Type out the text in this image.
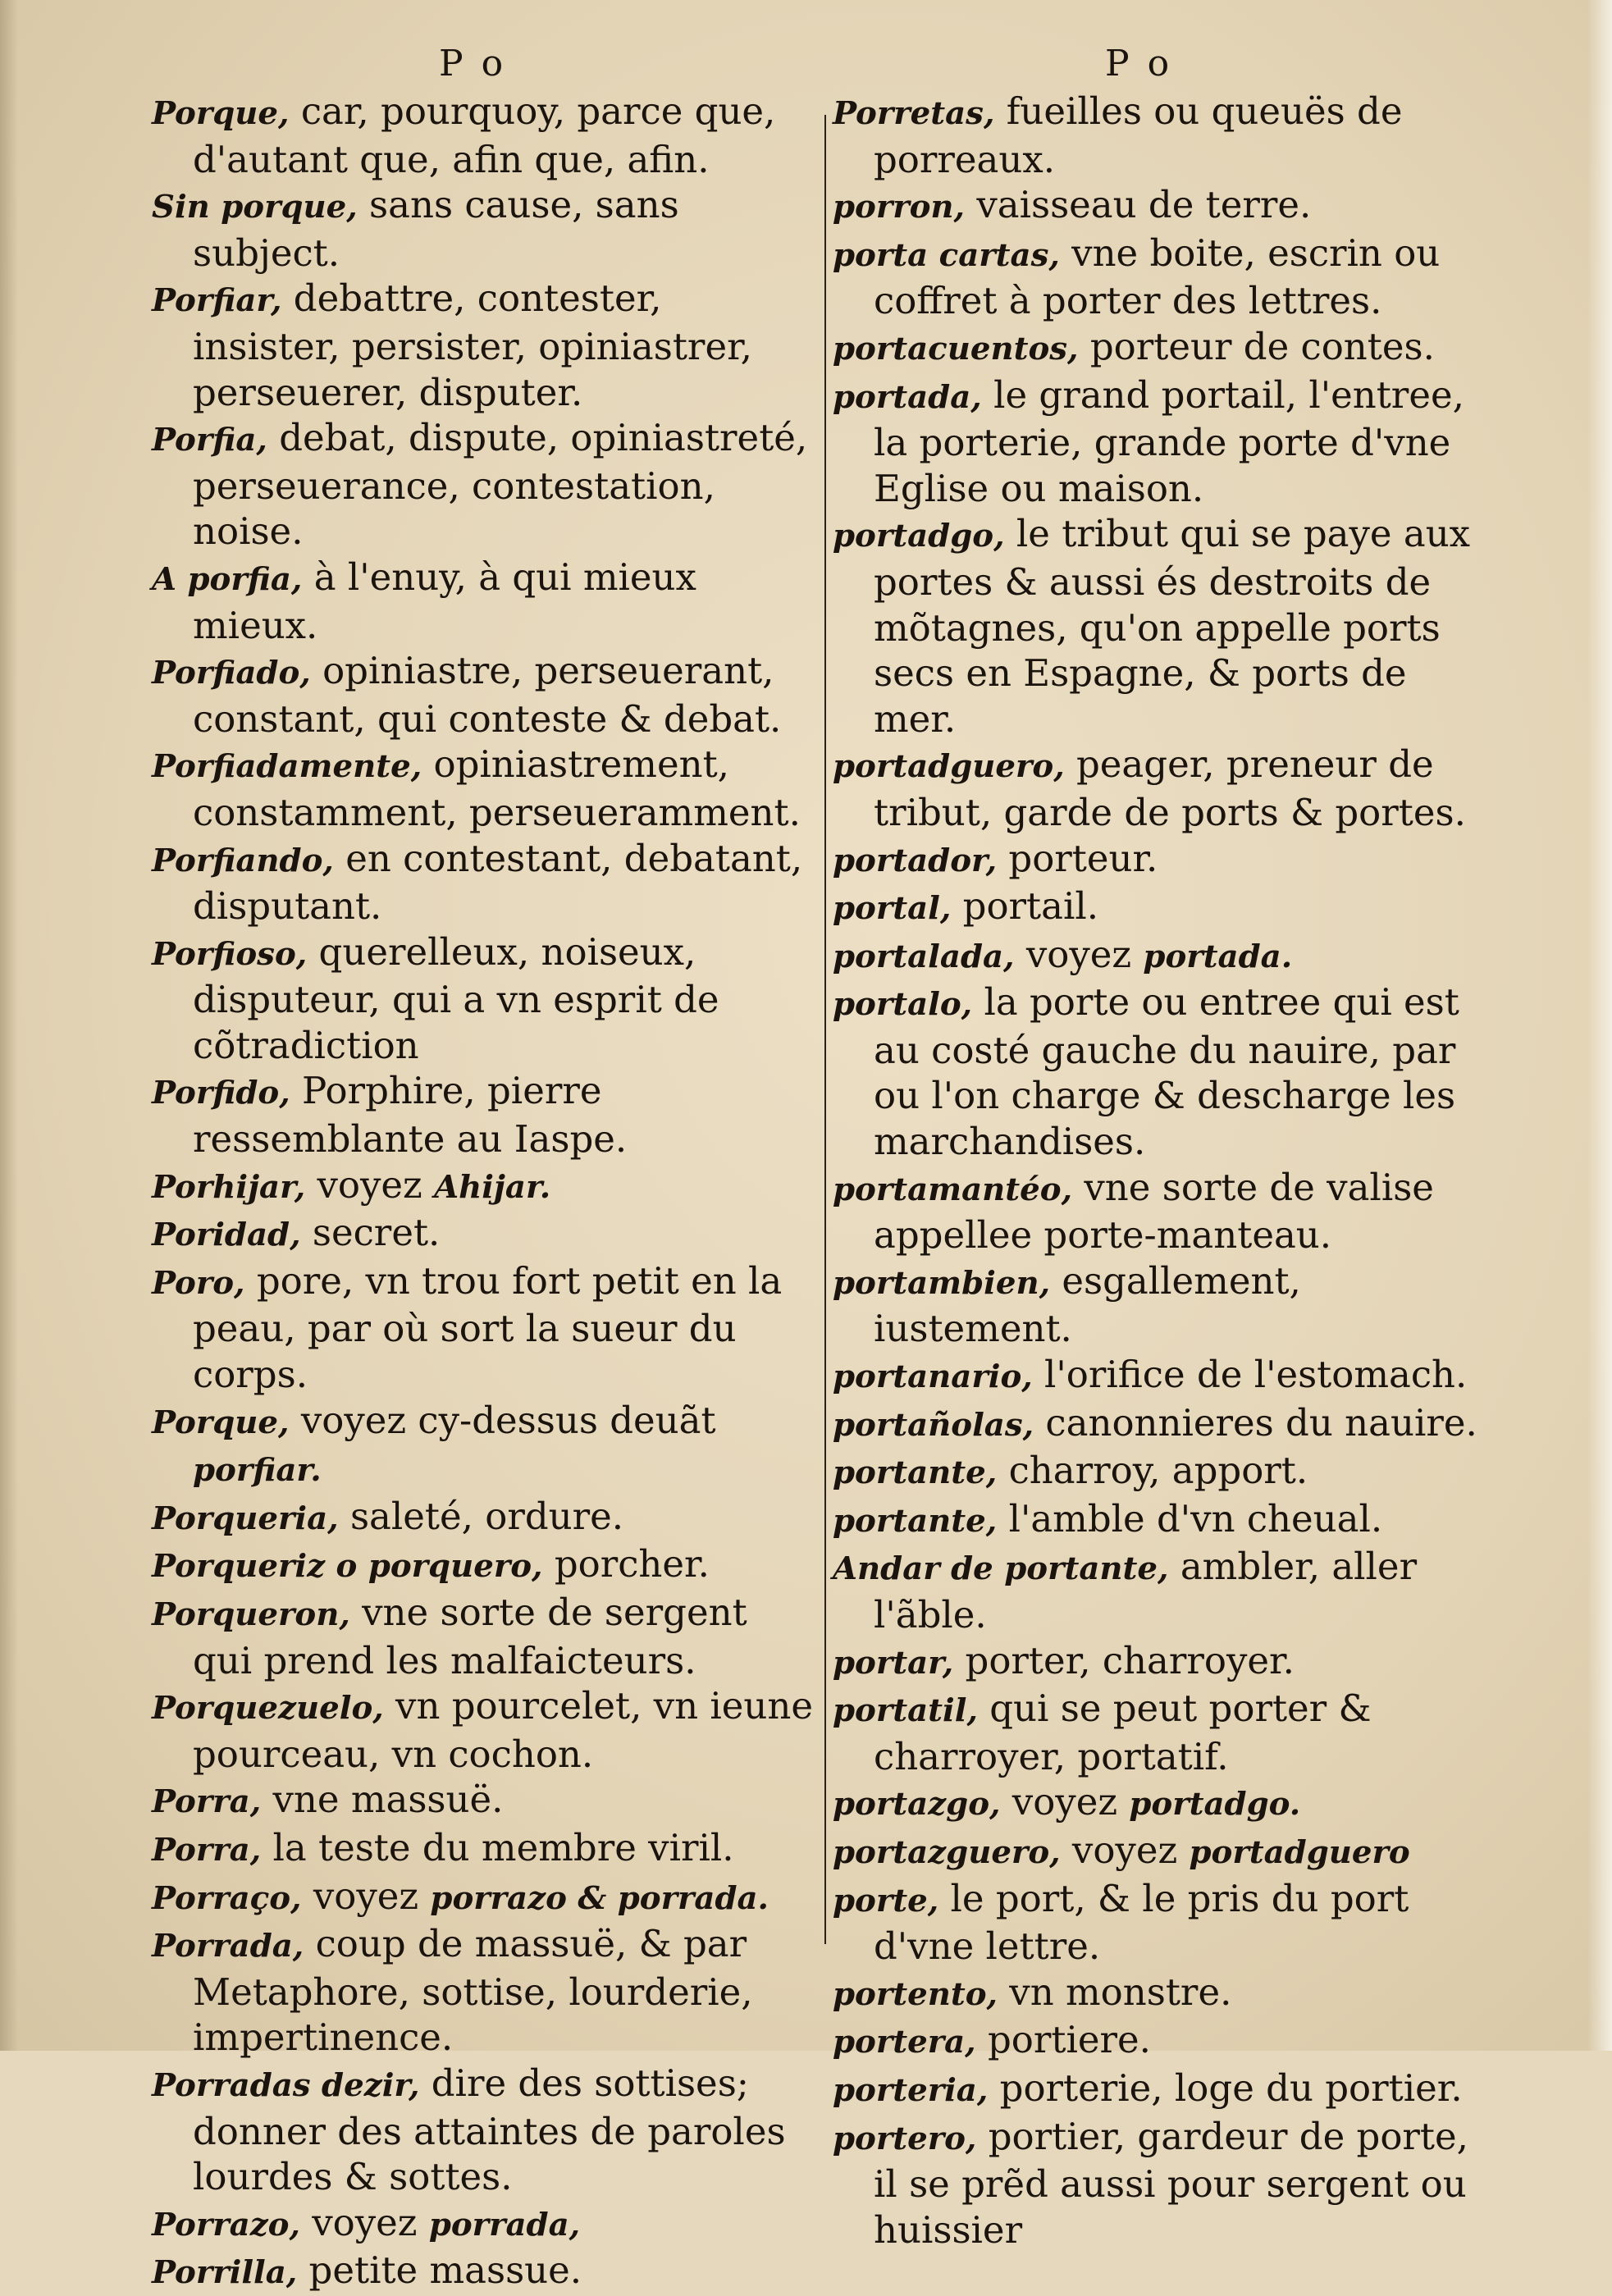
P o	P o

Porque, car, pourquoy, parce que, d'autant que, afin que, afin.

Sin porque, sans cause, sans subject.

Porfiar, debattre, contester, insister, persister, opiniastrer, perseuerer, disputer.

Porfia, debat, dispute, opiniastreté, perseuerance, contestation, noise.

A porfia, à l'enuy, à qui mieux mieux.

Porfiado, opiniastre, perseuerant, constant, qui conteste & debat.

Porfiadamente, opiniastrement, constamment, perseueramment.

Porfiando, en contestant, debatant, disputant.

Porfioso, querelleux, noiseux, disputeur, qui a vn esprit de cõtradiction

Porfido, Porphire, pierre ressemblante au Iaspe.

Porhijar, voyez Ahijar.

Poridad, secret.

Poro, pore, vn trou fort petit en la peau, par où sort la sueur du corps.

Porque, voyez cy-dessus deuãt porfiar.

Porqueria, saleté, ordure.

Porqueriz o porquero, porcher.

Porqueron, vne sorte de sergent qui prend les malfaicteurs.

Porquezuelo, vn pourcelet, vn ieune pourceau, vn cochon.

Porra, vne massuë.

Porra, la teste du membre viril.

Porraço, voyez porrazo & porrada.

Porrada, coup de massuë, & par Metaphore, sottise, lourderie, impertinence.

Porradas dezir, dire des sottises; donner des attaintes de paroles lourdes & sottes.

Porrazo, voyez porrada,

Porrilla, petite massue.

Porretas, fueilles ou queuës de porreaux.

porron, vaisseau de terre.

porta cartas, vne boite, escrin ou coffret à porter des lettres.

portacuentos, porteur de contes.

portada, le grand portail, l'entree, la porterie, grande porte d'vne Eglise ou maison.

portadgo, le tribut qui se paye aux portes & aussi és destroits de mõtagnes, qu'on appelle ports secs en Espagne, & ports de mer.

portadguero, peager, preneur de tribut, garde de ports & portes.

portador, porteur.

portal, portail.

portalada, voyez portada.

portalo, la porte ou entree qui est au costé gauche du nauire, par ou l'on charge & descharge les marchandises.

portamantéo, vne sorte de valise appellee porte-manteau.

portambien, esgallement, iustement.

portanario, l'orifice de l'estomach.

portañolas, canonnieres du nauire.

portante, charroy, apport.

portante, l'amble d'vn cheual.

Andar de portante, ambler, aller l'ãble.

portar, porter, charroyer.

portatil, qui se peut porter & charroyer, portatif.

portazgo, voyez portadgo.

portazguero, voyez portadguero

porte, le port, & le pris du port d'vne lettre.

portento, vn monstre.

portera, portiere.

porteria, porterie, loge du portier.

portero, portier, gardeur de porte, il se prẽd aussi pour sergent ou huissier
